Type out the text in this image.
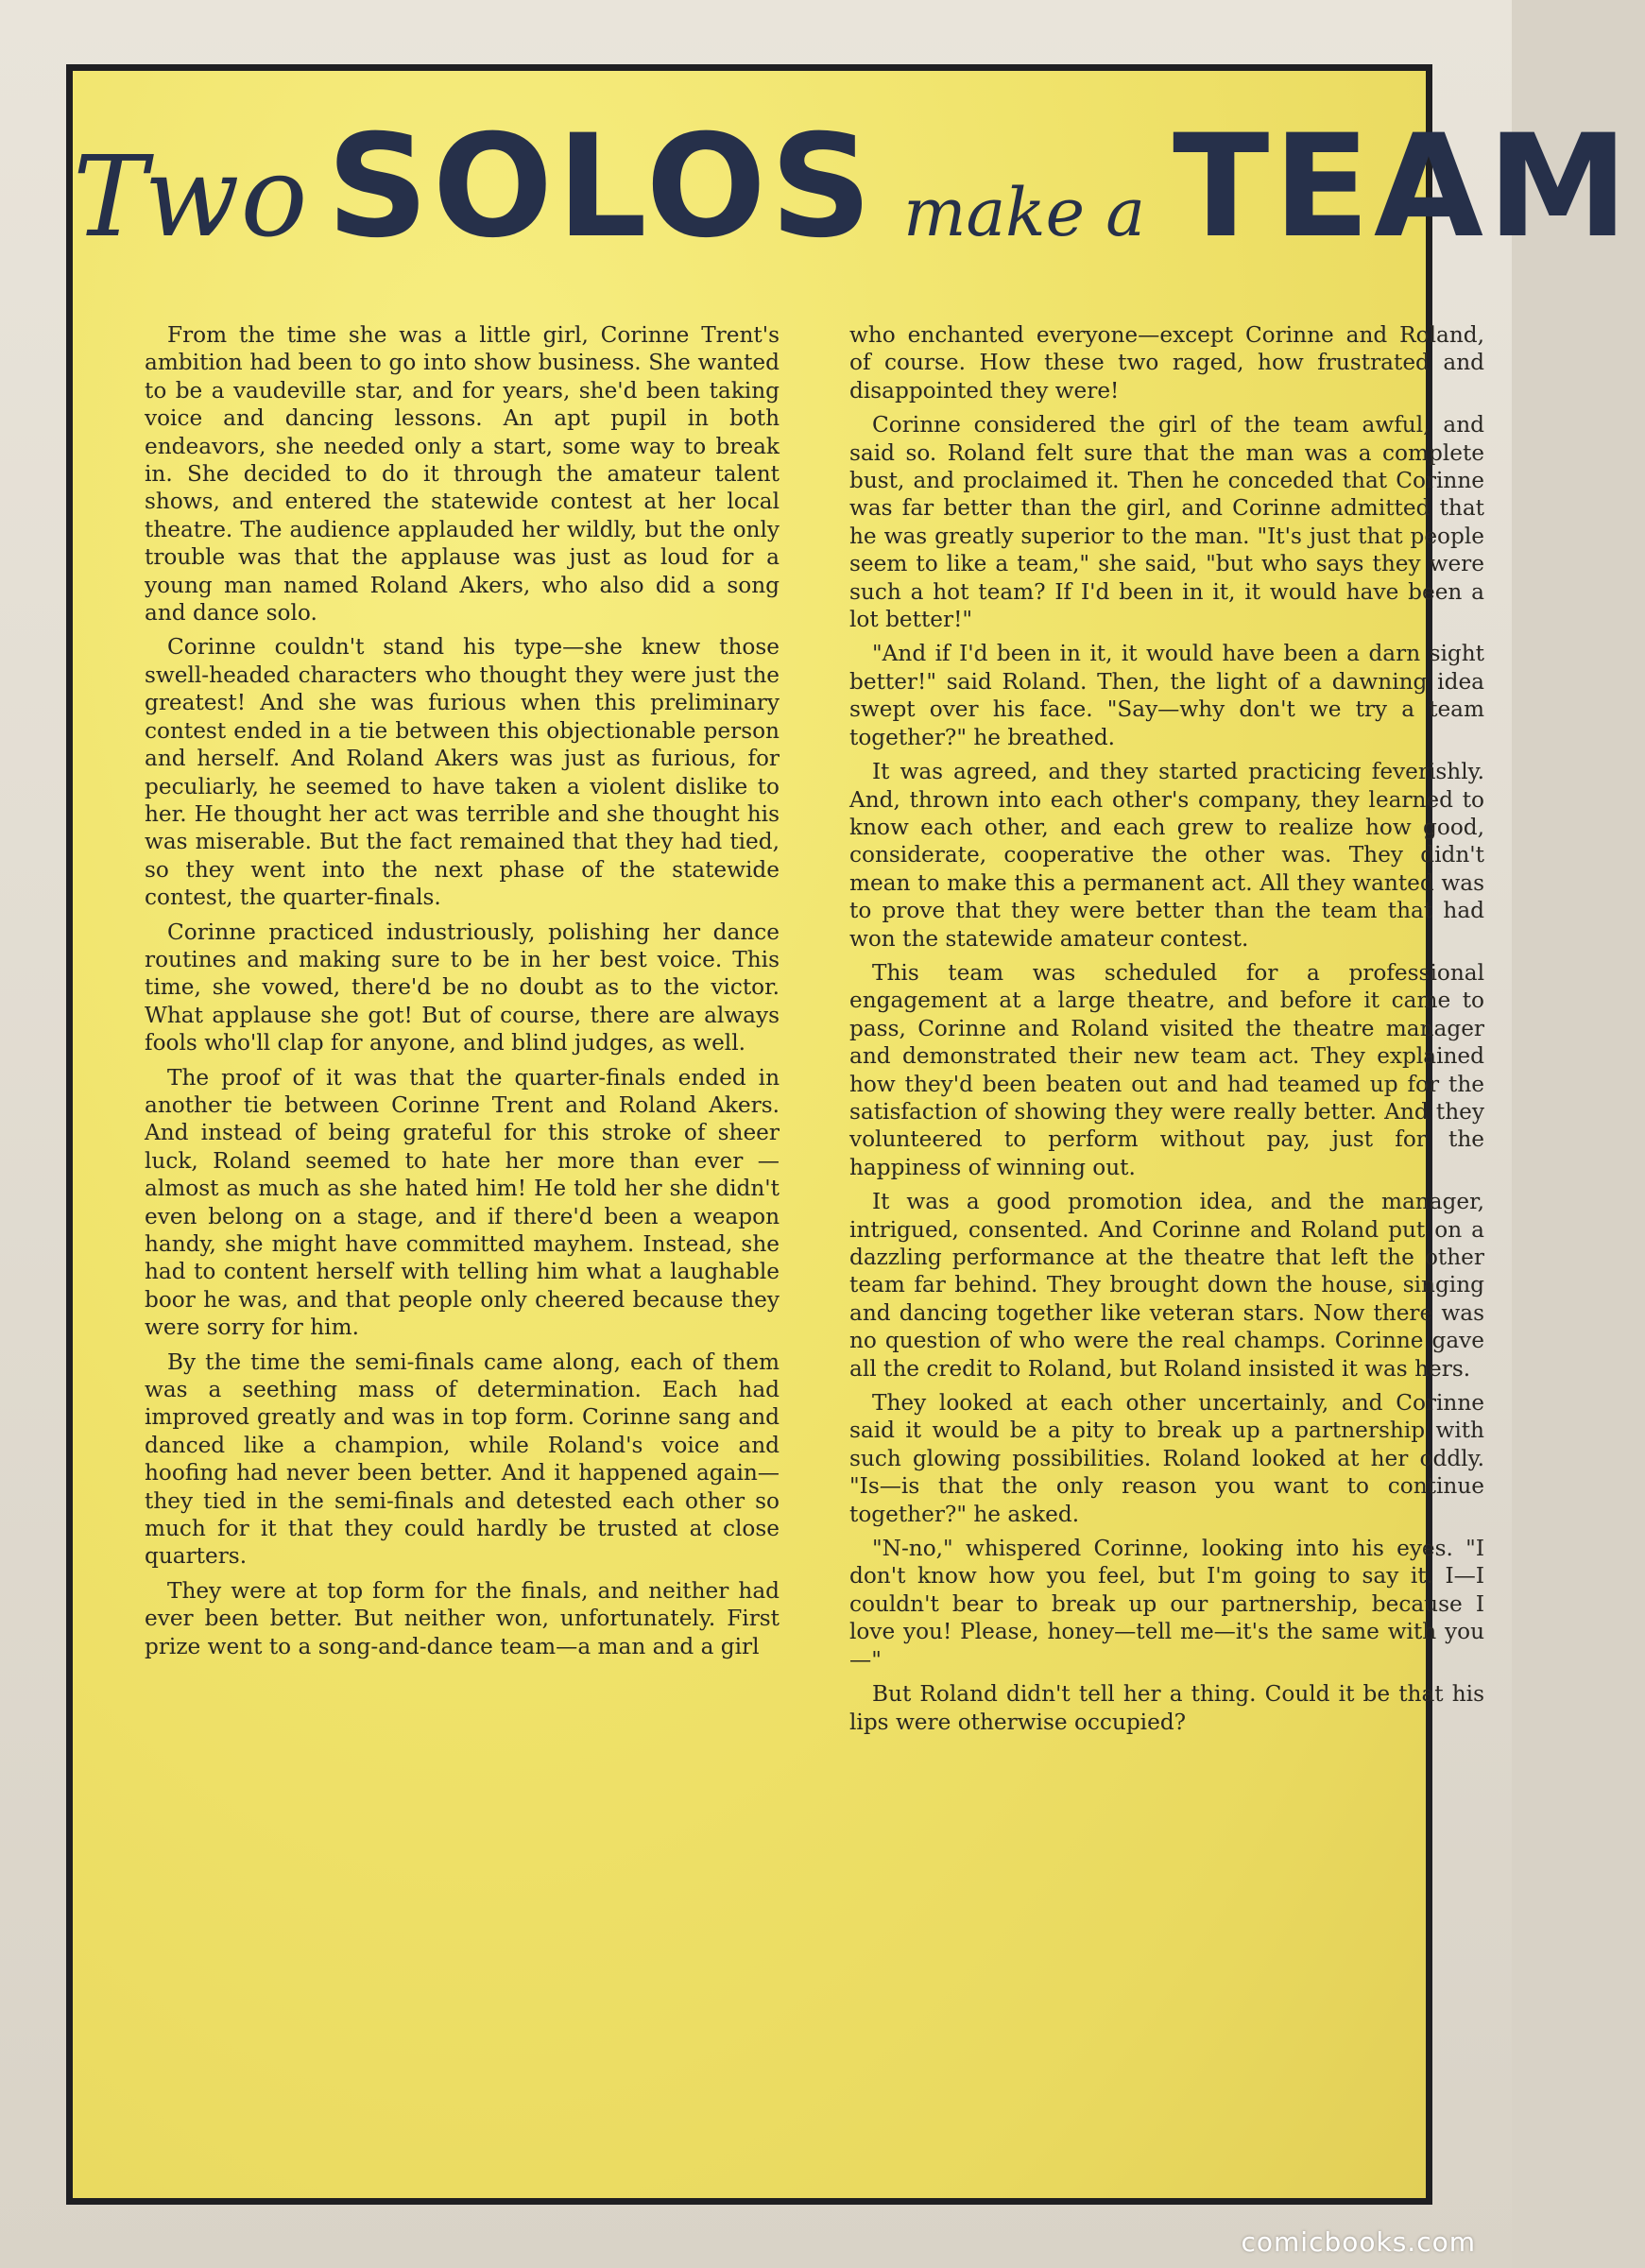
Two SOLOS make a TEAM

From the time she was a little girl, Corinne Trent's ambition had been to go into show business. She wanted to be a vaudeville star, and for years, she'd been taking voice and dancing lessons. An apt pupil in both endeavors, she needed only a start, some way to break in. She decided to do it through the amateur talent shows, and entered the statewide contest at her local theatre. The audience applauded her wildly, but the only trouble was that the applause was just as loud for a young man named Roland Akers, who also did a song and dance solo.

Corinne couldn't stand his type—she knew those swell-headed characters who thought they were just the greatest! And she was furious when this preliminary contest ended in a tie between this objectionable person and herself. And Roland Akers was just as furious, for peculiarly, he seemed to have taken a violent dislike to her. He thought her act was terrible and she thought his was miserable. But the fact remained that they had tied, so they went into the next phase of the statewide contest, the quarter-finals.

Corinne practiced industriously, polishing her dance routines and making sure to be in her best voice. This time, she vowed, there'd be no doubt as to the victor. What applause she got! But of course, there are always fools who'll clap for anyone, and blind judges, as well.

The proof of it was that the quarter-finals ended in another tie between Corinne Trent and Roland Akers. And instead of being grateful for this stroke of sheer luck, Roland seemed to hate her more than ever —almost as much as she hated him! He told her she didn't even belong on a stage, and if there'd been a weapon handy, she might have committed mayhem. Instead, she had to content herself with telling him what a laughable boor he was, and that people only cheered because they were sorry for him.

By the time the semi-finals came along, each of them was a seething mass of determination. Each had improved greatly and was in top form. Corinne sang and danced like a champion, while Roland's voice and hoofing had never been better. And it happened again—they tied in the semi-finals and detested each other so much for it that they could hardly be trusted at close quarters.

They were at top form for the finals, and neither had ever been better. But neither won, unfortunately. First prize went to a song-and-dance team—a man and a girl

who enchanted everyone—except Corinne and Roland, of course. How these two raged, how frustrated and disappointed they were!

Corinne considered the girl of the team awful, and said so. Roland felt sure that the man was a complete bust, and proclaimed it. Then he conceded that Corinne was far better than the girl, and Corinne admitted that he was greatly superior to the man. "It's just that people seem to like a team," she said, "but who says they were such a hot team? If I'd been in it, it would have been a lot better!"

"And if I'd been in it, it would have been a darn sight better!" said Roland. Then, the light of a dawning idea swept over his face. "Say—why don't we try a team together?" he breathed.

It was agreed, and they started practicing feverishly. And, thrown into each other's company, they learned to know each other, and each grew to realize how good, considerate, cooperative the other was. They didn't mean to make this a permanent act. All they wanted was to prove that they were better than the team that had won the statewide amateur contest.

This team was scheduled for a professional engagement at a large theatre, and before it came to pass, Corinne and Roland visited the theatre manager and demonstrated their new team act. They explained how they'd been beaten out and had teamed up for the satisfaction of showing they were really better. And they volunteered to perform without pay, just for the happiness of winning out.

It was a good promotion idea, and the manager, intrigued, consented. And Corinne and Roland put on a dazzling performance at the theatre that left the other team far behind. They brought down the house, singing and dancing together like veteran stars. Now there was no question of who were the real champs. Corinne gave all the credit to Roland, but Roland insisted it was hers.

They looked at each other uncertainly, and Corinne said it would be a pity to break up a partnership with such glowing possibilities. Roland looked at her oddly. "Is—is that the only reason you want to continue together?" he asked.

"N-no," whispered Corinne, looking into his eyes. "I don't know how you feel, but I'm going to say it. I—I couldn't bear to break up our partnership, because I love you! Please, honey—tell me—it's the same with you—"

But Roland didn't tell her a thing. Could it be that his lips were otherwise occupied?

comicbooks.com
